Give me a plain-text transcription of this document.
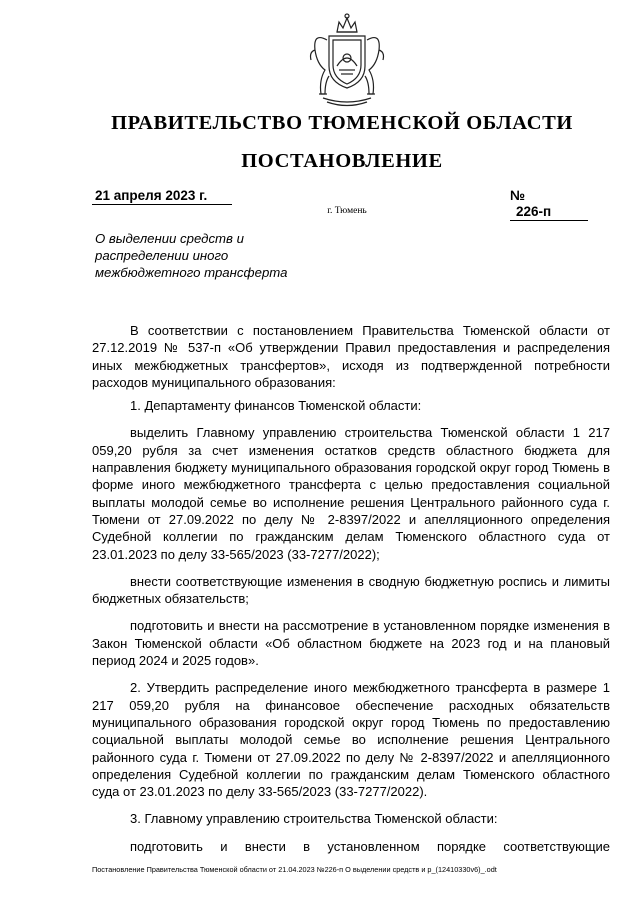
ПРАВИТЕЛЬСТВО ТЮМЕНСКОЙ ОБЛАСТИ
ПОСТАНОВЛЕНИЕ
21 апреля 2023 г.	№ 226-п
г. Тюмень
О выделении средств и
распределении иного
межбюджетного трансферта

В соответствии с постановлением Правительства Тюменской области от 27.12.2019 № 537-п «Об утверждении Правил предоставления и распределения иных межбюджетных трансфертов», исходя из подтвержденной потребности расходов муниципального образования:

1. Департаменту финансов Тюменской области:

выделить Главному управлению строительства Тюменской области 1 217 059,20 рубля за счет изменения остатков средств областного бюджета для направления бюджету муниципального образования городской округ город Тюмень в форме иного межбюджетного трансферта с целью предоставления социальной выплаты молодой семье во исполнение решения Центрального районного суда г. Тюмени от 27.09.2022 по делу № 2-8397/2022 и апелляционного определения Судебной коллегии по гражданским делам Тюменского областного суда от 23.01.2023 по делу 33-565/2023 (33-7277/2022);

внести соответствующие изменения в сводную бюджетную роспись и лимиты бюджетных обязательств;

подготовить и внести на рассмотрение в установленном порядке изменения в Закон Тюменской области «Об областном бюджете на 2023 год и на плановый период 2024 и 2025 годов».

2. Утвердить распределение иного межбюджетного трансферта в размере 1 217 059,20 рубля на финансовое обеспечение расходных обязательств муниципального образования городской округ город Тюмень по предоставлению социальной выплаты молодой семье во исполнение решения Центрального районного суда г. Тюмени от 27.09.2022 по делу № 2-8397/2022 и апелляционного определения Судебной коллегии по гражданским делам Тюменского областного суда от 23.01.2023 по делу 33-565/2023 (33-7277/2022).

3. Главному управлению строительства Тюменской области:

подготовить и внести в установленном порядке соответствующие

Постановление Правительства Тюменской области от 21.04.2023 №226-п О выделении средств и р_(12410330v6)_.odt
